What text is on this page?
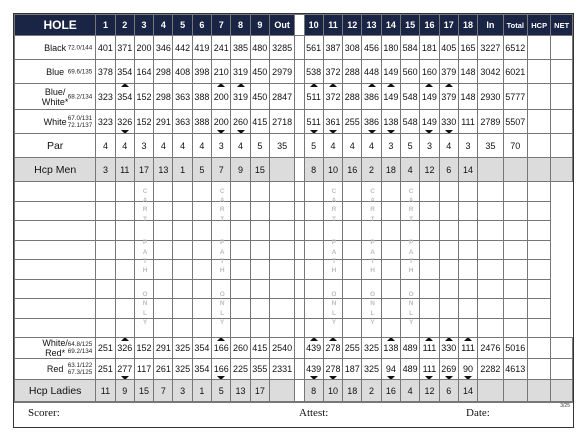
HOLE	1	2	3	4	5	6	7	8	9	Out		10	11	12	13	14	15	16	17	18	In	Total	HCP	NET
Black 72.0/144	401	371	200	346	442	419	241	385	480	3285		561	387	308	456	180	584	181	405	165	3227	6512		
Blue 69.6/135	378	354	164	298	408	398	210	319	450	2979		538	372	288	448	149	560	160	379	148	3042	6021		
Blue/
White* 68.2/134	323	354	152	298	363	388	200	319	450	2847		511	372	288	386	149	548	149	379	148	2930	5777		
White 67.0/131
72.1/137	323	326	152	291	363	388	200	260	415	2718		511	361	255	386	138	548	149	330	111	2789	5507		
Par	4	4	3	4	4	4	3	4	5	35		5	4	4	4	3	5	3	4	3	35	70		
Hcp Men	3	11	17	13	1	5	7	9	15			8	10	16	2	18	4	12	6	14				

White/
Red*
64.8/125
69.2/134	251	326	152	291	325	354	166	260	415	2540		439	278	255	325	138	489	111	330	111	2476	5016		
Red 63.1/122
67.3/125	251	277	117	261	325	354	166	225	355	2331		439	278	187	325	94	489	111	269	90	2282	4613		
Hcp Ladies	11	9	15	7	3	1	5	13	17			8	10	18	2	16	4	12	6	14				
Scorer:	Attest:	Date:
3/25
C
A
R
T
P
A
T
H
O
N
L
Y
C
A
R
T
P
A
T
H
O
N
L
Y
C
A
R
T
P
A
T
H
O
N
L
Y
C
A
R
T
P
A
T
H
O
N
L
Y
C
A
R
T
P
A
T
H
O
N
L
Y
